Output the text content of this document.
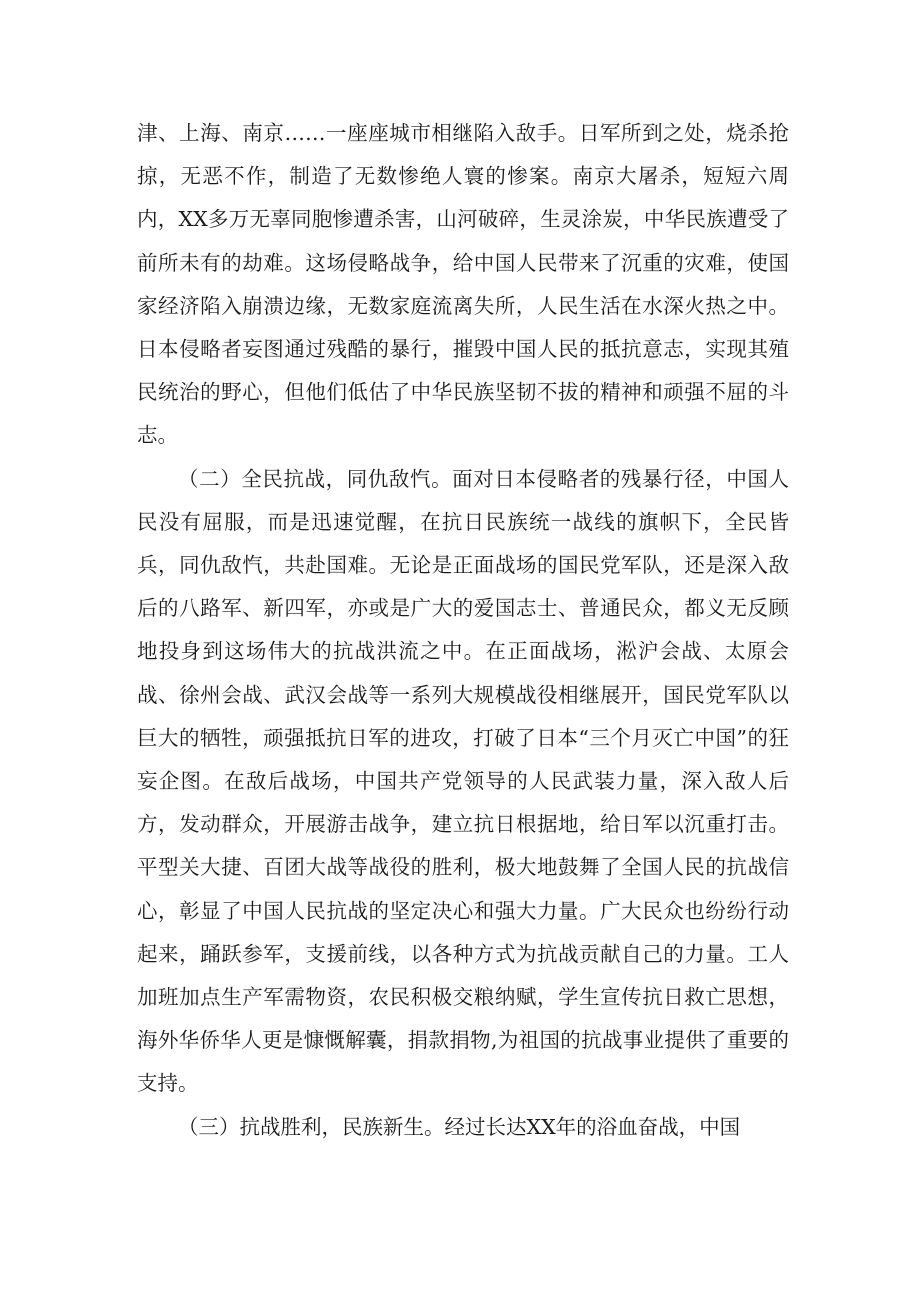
津、上海、南京……一座座城市相继陷入敌手。日军所到之处，烧杀抢掠，无恶不作，制造了无数惨绝人寰的惨案。南京大屠杀，短短六周内，XX多万无辜同胞惨遭杀害，山河破碎，生灵涂炭，中华民族遭受了前所未有的劫难。这场侵略战争，给中国人民带来了沉重的灾难，使国家经济陷入崩溃边缘，无数家庭流离失所，人民生活在水深火热之中。日本侵略者妄图通过残酷的暴行，摧毁中国人民的抵抗意志，实现其殖民统治的野心，但他们低估了中华民族坚韧不拔的精神和顽强不屈的斗志。

（二）全民抗战，同仇敌忾。面对日本侵略者的残暴行径，中国人民没有屈服，而是迅速觉醒，在抗日民族统一战线的旗帜下，全民皆兵，同仇敌忾，共赴国难。无论是正面战场的国民党军队，还是深入敌后的八路军、新四军，亦或是广大的爱国志士、普通民众，都义无反顾地投身到这场伟大的抗战洪流之中。在正面战场，淞沪会战、太原会战、徐州会战、武汉会战等一系列大规模战役相继展开，国民党军队以巨大的牺牲，顽强抵抗日军的进攻，打破了日本“三个月灭亡中国”的狂妄企图。在敌后战场，中国共产党领导的人民武装力量，深入敌人后方，发动群众，开展游击战争，建立抗日根据地，给日军以沉重打击。平型关大捷、百团大战等战役的胜利，极大地鼓舞了全国人民的抗战信心，彰显了中国人民抗战的坚定决心和强大力量。广大民众也纷纷行动起来，踊跃参军，支援前线，以各种方式为抗战贡献自己的力量。工人加班加点生产军需物资，农民积极交粮纳赋，学生宣传抗日救亡思想，海外华侨华人更是慷慨解囊，捐款捐物,为祖国的抗战事业提供了重要的支持。

（三）抗战胜利，民族新生。经过长达XX年的浴血奋战，中国
